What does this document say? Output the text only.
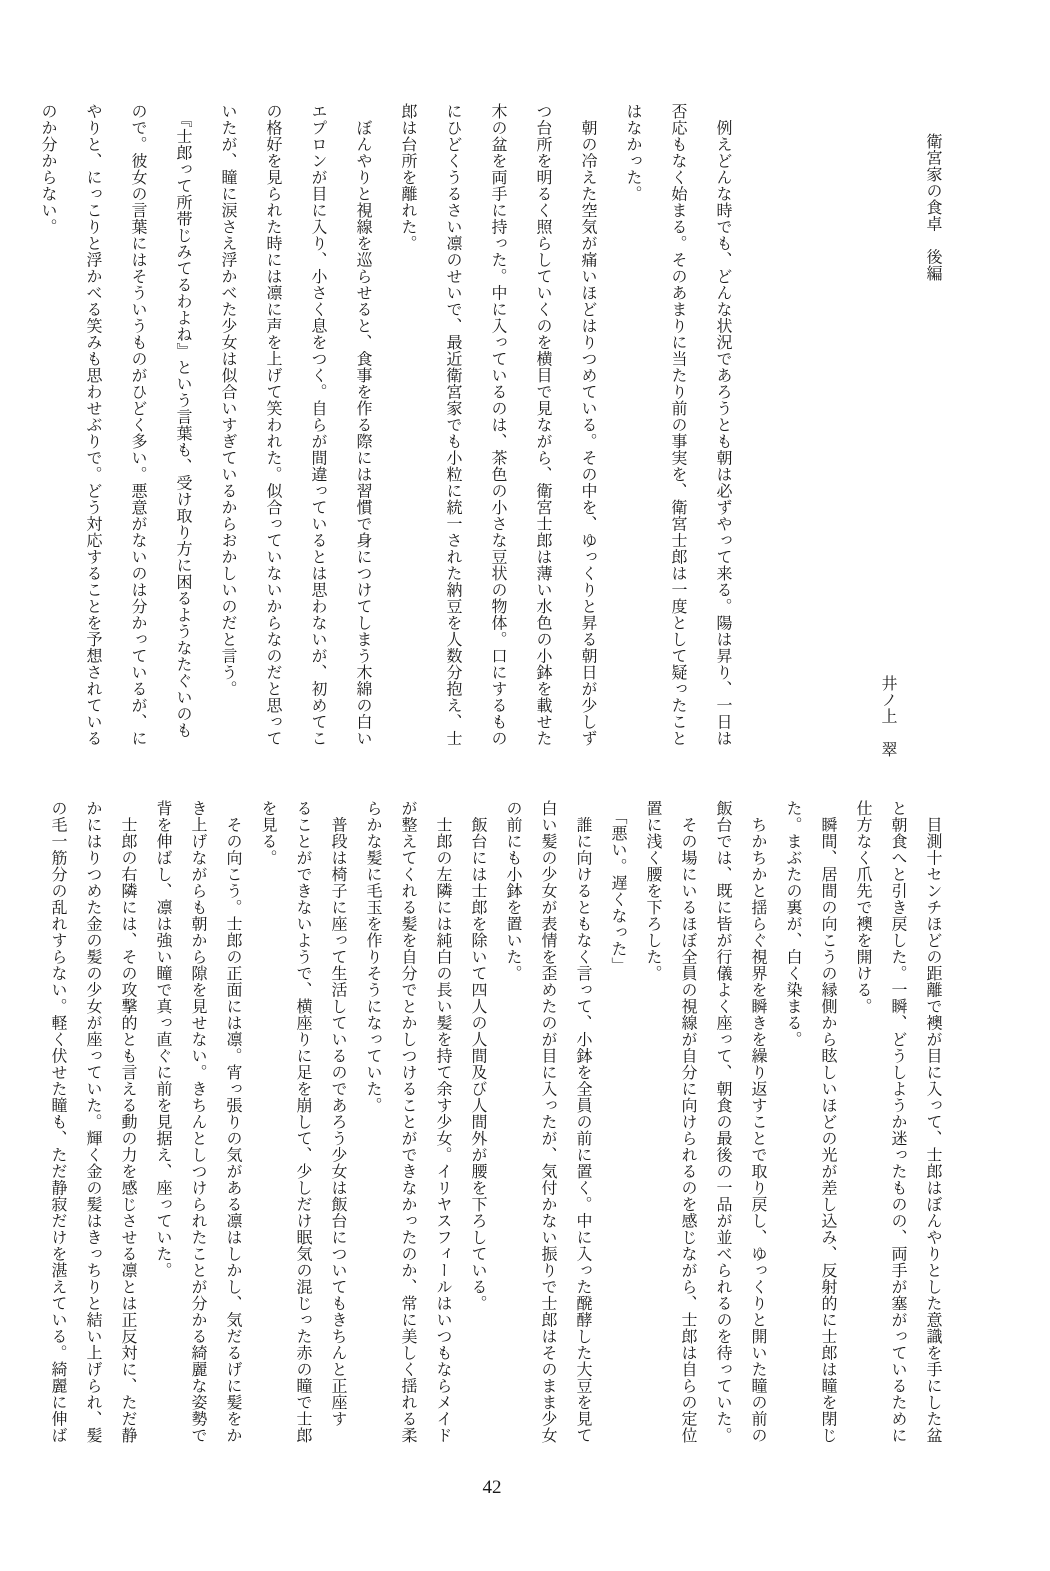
衛宮家の食卓　後編
井ノ上　翠
　例えどんな時でも、どんな状況であろうとも朝は必ずやって来る。陽は昇り、一日は
否応もなく始まる。そのあまりに当たり前の事実を、衛宮士郎は一度として疑ったこと
はなかった。
　朝の冷えた空気が痛いほどはりつめている。その中を、ゆっくりと昇る朝日が少しず
つ台所を明るく照らしていくのを横目で見ながら、衛宮士郎は薄い水色の小鉢を載せた
木の盆を両手に持った。中に入っているのは、茶色の小さな豆状の物体。口にするもの
にひどくうるさい凛のせいで、最近衛宮家でも小粒に統一された納豆を人数分抱え、士
郎は台所を離れた。
　ぼんやりと視線を巡らせると、食事を作る際には習慣で身につけてしまう木綿の白い
エプロンが目に入り、小さく息をつく。自らが間違っているとは思わないが、初めてこ
の格好を見られた時には凛に声を上げて笑われた。似合っていないからなのだと思って
いたが、瞳に涙さえ浮かべた少女は似合いすぎているからおかしいのだと言う。
　『士郎って所帯じみてるわよね』という言葉も、受け取り方に困るようなたぐいのも
ので。彼女の言葉にはそういうものがひどく多い。悪意がないのは分かっているが、に
やりと、にっこりと浮かべる笑みも思わせぶりで。どう対応することを予想されている
のか分からない。
　目測十センチほどの距離で襖が目に入って、士郎はぼんやりとした意識を手にした盆
と朝食へと引き戻した。一瞬、どうしようか迷ったものの、両手が塞がっているために
仕方なく爪先で襖を開ける。
　瞬間、居間の向こうの縁側から眩しいほどの光が差し込み、反射的に士郎は瞳を閉じ
た。まぶたの裏が、白く染まる。
　ちかちかと揺らぐ視界を瞬きを繰り返すことで取り戻し、ゆっくりと開いた瞳の前の
飯台では、既に皆が行儀よく座って、朝食の最後の一品が並べられるのを待っていた。
　その場にいるほぼ全員の視線が自分に向けられるのを感じながら、士郎は自らの定位
置に浅く腰を下ろした。
　「悪い。遅くなった」
　誰に向けるともなく言って、小鉢を全員の前に置く。中に入った醗酵した大豆を見て
白い髪の少女が表情を歪めたのが目に入ったが、気付かない振りで士郎はそのまま少女
の前にも小鉢を置いた。
　飯台には士郎を除いて四人の人間及び人間外が腰を下ろしている。
　士郎の左隣には純白の長い髪を持て余す少女。イリヤスフィールはいつもならメイド
が整えてくれる髪を自分でとかしつけることができなかったのか、常に美しく揺れる柔
らかな髪に毛玉を作りそうになっていた。
　普段は椅子に座って生活しているのであろう少女は飯台についてもきちんと正座す
ることができないようで、横座りに足を崩して、少しだけ眠気の混じった赤の瞳で士郎
を見る。
　その向こう。士郎の正面には凛。宵っ張りの気がある凛はしかし、気だるげに髪をか
き上げながらも朝から隙を見せない。きちんとしつけられたことが分かる綺麗な姿勢で
背を伸ばし、凛は強い瞳で真っ直ぐに前を見据え、座っていた。
　士郎の右隣には、その攻撃的とも言える動の力を感じさせる凛とは正反対に、ただ静
かにはりつめた金の髪の少女が座っていた。輝く金の髪はきっちりと結い上げられ、髪
の毛一筋分の乱れすらない。軽く伏せた瞳も、ただ静寂だけを湛えている。綺麗に伸ば
42
